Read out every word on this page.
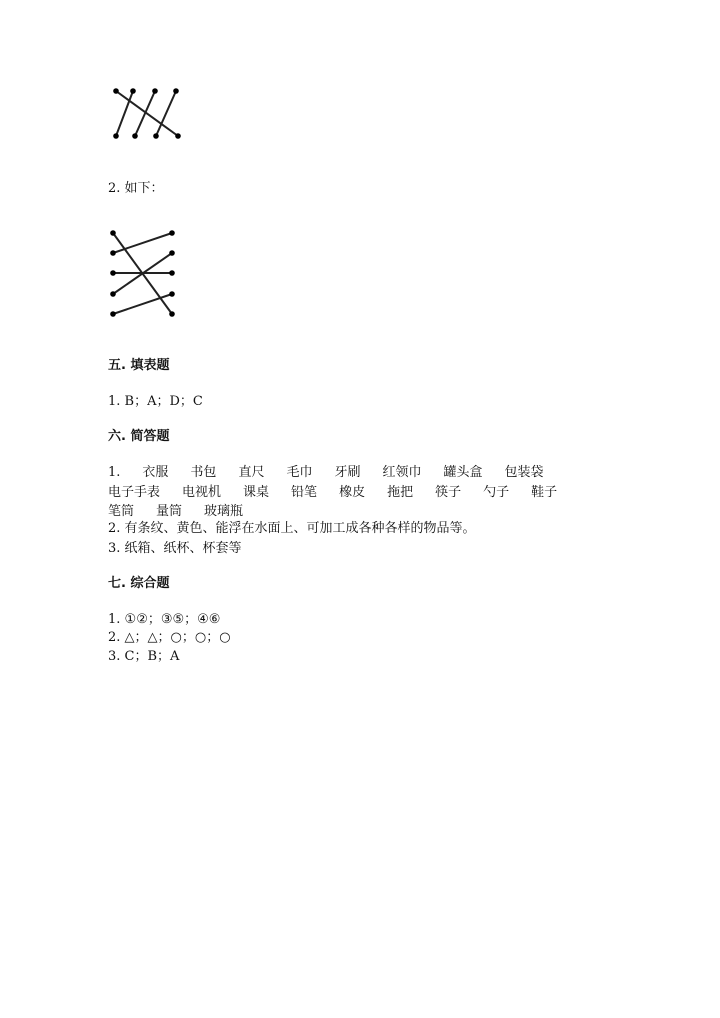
2. 如下：
五. 填表题
1. B；A；D；C
六. 简答题
1.衣服 书包 直尺 毛巾 牙刷 红领巾 罐头盒 包装袋电子手表 电视机 课桌 铅笔 橡皮 拖把 筷子 勺子 鞋子笔筒 量筒 玻璃瓶
2. 有条纹、黄色、能浮在水面上、可加工成各种各样的物品等。
3. 纸箱、纸杯、杯套等
七. 综合题
1. ①②；③⑤；④⑥
2. △；△；○；○；○
3. C；B；A
